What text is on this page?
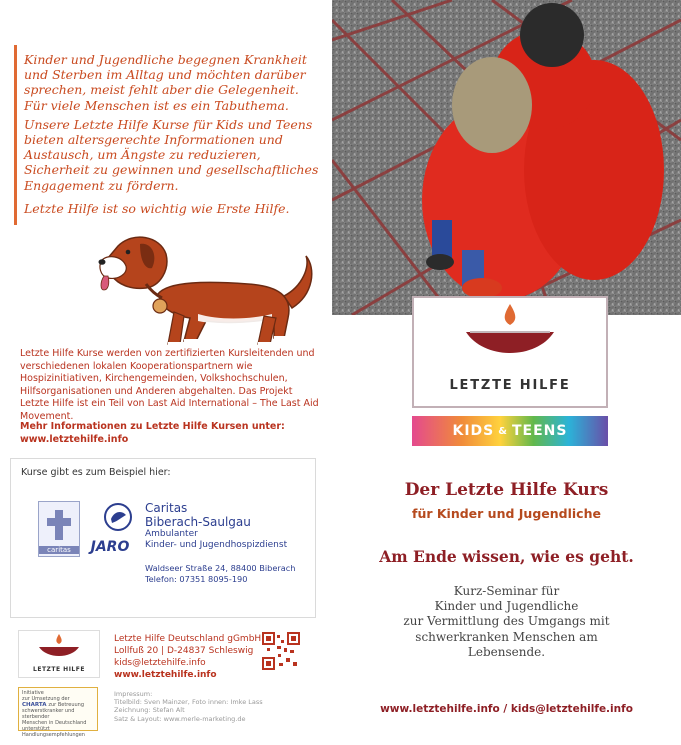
Kinder und Jugendliche begegnen Krankheit und Sterben im Alltag und möchten darüber sprechen, meist fehlt aber die Gelegenheit. Für viele Menschen ist es ein Tabuthema.

Unsere Letzte Hilfe Kurse für Kids und Teens bieten altersgerechte Informationen und Austausch, um Ängste zu reduzieren, Sicherheit zu gewinnen und gesellschaftliches Engagement zu fördern.

Letzte Hilfe ist so wichtig wie Erste Hilfe.

Letzte Hilfe Kurse werden von zertifizierten Kursleitenden und verschiedenen lokalen Kooperationspartnern wie Hospizinitiativen, Kirchengemeinden, Volkshochschulen, Hilfsorganisationen und Anderen abgehalten. Das Projekt Letzte Hilfe ist ein Teil von Last Aid International – The Last Aid Movement.

Mehr Informationen zu Letzte Hilfe Kursen unter:
www.letztehilfe.info
Kurse gibt es zum Beispiel hier:
caritas	JARO
Caritas
Biberach-Saulgau
Ambulanter
Kinder- und Jugendhospizdienst
Waldseer Straße 24, 88400 Biberach
Telefon: 07351 8095-190
LETZTE HILFE
Letzte Hilfe Deutschland gGmbH
Lollfuß 20 | D-24837 Schleswig
kids@letztehilfe.info
www.letztehilfe.info
Initiative
zur Umsetzung der
CHARTA zur Betreuung
schwerstkranker und sterbender
Menschen in Deutschland
unterstützt
Handlungsempfehlungen
Impressum:
Titelbild: Sven Mainzer, Foto innen: Imke Lass
Zeichnung: Stefan Alt
Satz & Layout: www.merle-marketing.de
LETZTE HILFE
KIDS & TEENS
Der Letzte Hilfe Kurs
für Kinder und Jugendliche
Am Ende wissen, wie es geht.
Kurz-Seminar für
Kinder und Jugendliche
zur Vermittlung des Umgangs mit
schwerkranken Menschen am
Lebensende.
www.letztehilfe.info / kids@letztehilfe.info
